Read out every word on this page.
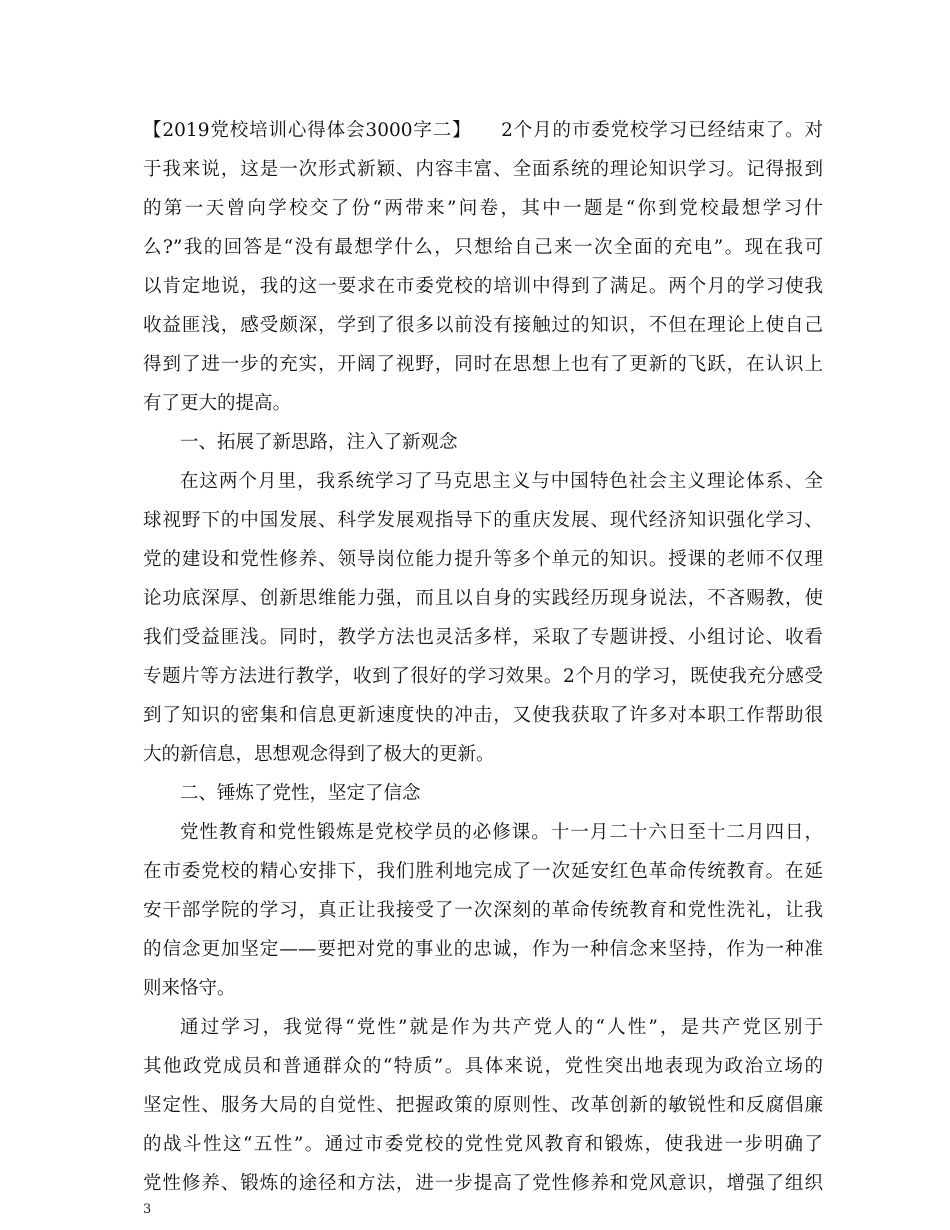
【2019党校培训心得体会3000字二】　　2个月的市委党校学习已经结束了。对
于我来说，这是一次形式新颖、内容丰富、全面系统的理论知识学习。记得报到
的第一天曾向学校交了份“两带来”问卷，其中一题是“你到党校最想学习什
么?”我的回答是“没有最想学什么，只想给自己来一次全面的充电”。现在我可
以肯定地说，我的这一要求在市委党校的培训中得到了满足。两个月的学习使我
收益匪浅，感受颇深，学到了很多以前没有接触过的知识，不但在理论上使自己
得到了进一步的充实，开阔了视野，同时在思想上也有了更新的飞跃，在认识上
有了更大的提高。
一、拓展了新思路，注入了新观念
在这两个月里，我系统学习了马克思主义与中国特色社会主义理论体系、全
球视野下的中国发展、科学发展观指导下的重庆发展、现代经济知识强化学习、
党的建设和党性修养、领导岗位能力提升等多个单元的知识。授课的老师不仅理
论功底深厚、创新思维能力强，而且以自身的实践经历现身说法，不吝赐教，使
我们受益匪浅。同时，教学方法也灵活多样，采取了专题讲授、小组讨论、收看
专题片等方法进行教学，收到了很好的学习效果。2个月的学习，既使我充分感受
到了知识的密集和信息更新速度快的冲击，又使我获取了许多对本职工作帮助很
大的新信息，思想观念得到了极大的更新。
二、锤炼了党性，坚定了信念
党性教育和党性锻炼是党校学员的必修课。十一月二十六日至十二月四日，
在市委党校的精心安排下，我们胜利地完成了一次延安红色革命传统教育。在延
安干部学院的学习，真正让我接受了一次深刻的革命传统教育和党性洗礼，让我
的信念更加坚定——要把对党的事业的忠诚，作为一种信念来坚持，作为一种准
则来恪守。
通过学习，我觉得“党性”就是作为共产党人的“人性”，是共产党区别于
其他政党成员和普通群众的“特质”。具体来说，党性突出地表现为政治立场的
坚定性、服务大局的自觉性、把握政策的原则性、改革创新的敏锐性和反腐倡廉
的战斗性这“五性”。通过市委党校的党性党风教育和锻炼，使我进一步明确了
党性修养、锻炼的途径和方法，进一步提高了党性修养和党风意识，增强了组织
3
